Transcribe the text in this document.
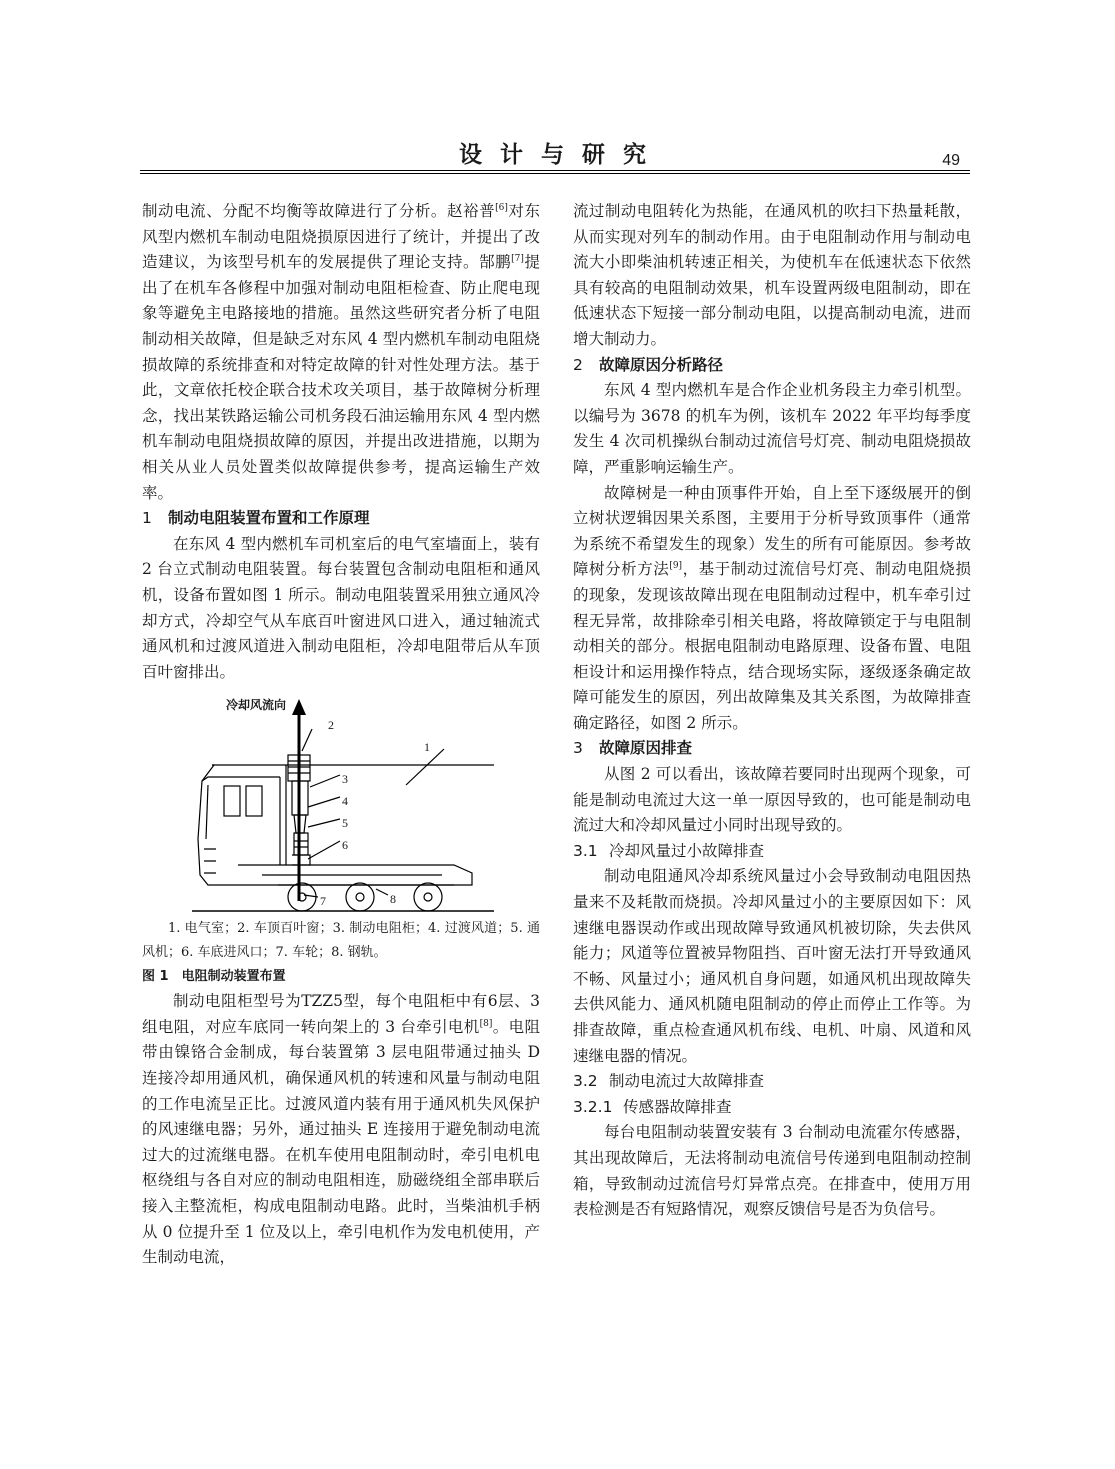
设 计 与 研 究	49

制动电流、分配不均衡等故障进行了分析。赵裕普[6]对东风型内燃机车制动电阻烧损原因进行了统计，并提出了改造建议，为该型号机车的发展提供了理论支持。郜鹏[7]提出了在机车各修程中加强对制动电阻柜检查、防止爬电现象等避免主电路接地的措施。虽然这些研究者分析了电阻制动相关故障，但是缺乏对东风 4 型内燃机车制动电阻烧损故障的系统排查和对特定故障的针对性处理方法。基于此，文章依托校企联合技术攻关项目，基于故障树分析理念，找出某铁路运输公司机务段石油运输用东风 4 型内燃机车制动电阻烧损故障的原因，并提出改进措施，以期为相关从业人员处置类似故障提供参考，提高运输生产效率。

1 制动电阻装置布置和工作原理

在东风 4 型内燃机车司机室后的电气室墙面上，装有 2 台立式制动电阻装置。每台装置包含制动电阻柜和通风机，设备布置如图 1 所示。制动电阻装置采用独立通风冷却方式，冷却空气从车底百叶窗进风口进入，通过轴流式通风机和过渡风道进入制动电阻柜，冷却电阻带后从车顶百叶窗排出。

冷却风流向
1
2
3
4
5
6
7	8

1. 电气室；2. 车顶百叶窗；3. 制动电阻柜；4. 过渡风道；5. 通风机；6. 车底进风口；7. 车轮；8. 钢轨。

图 1　电阻制动装置布置

制动电阻柜型号为TZZ5型，每个电阻柜中有6层、3 组电阻，对应车底同一转向架上的 3 台牵引电机[8]。电阻带由镍铬合金制成，每台装置第 3 层电阻带通过抽头 D 连接冷却用通风机，确保通风机的转速和风量与制动电阻的工作电流呈正比。过渡风道内装有用于通风机失风保护的风速继电器；另外，通过抽头 E 连接用于避免制动电流过大的过流继电器。在机车使用电阻制动时，牵引电机电枢绕组与各自对应的制动电阻相连，励磁绕组全部串联后接入主整流柜，构成电阻制动电路。此时，当柴油机手柄从 0 位提升至 1 位及以上，牵引电机作为发电机使用，产生制动电流，

流过制动电阻转化为热能，在通风机的吹扫下热量耗散，从而实现对列车的制动作用。由于电阻制动作用与制动电流大小即柴油机转速正相关，为使机车在低速状态下依然具有较高的电阻制动效果，机车设置两级电阻制动，即在低速状态下短接一部分制动电阻，以提高制动电流，进而增大制动力。

2 故障原因分析路径

东风 4 型内燃机车是合作企业机务段主力牵引机型。以编号为 3678 的机车为例，该机车 2022 年平均每季度发生 4 次司机操纵台制动过流信号灯亮、制动电阻烧损故障，严重影响运输生产。

故障树是一种由顶事件开始，自上至下逐级展开的倒立树状逻辑因果关系图，主要用于分析导致顶事件（通常为系统不希望发生的现象）发生的所有可能原因。参考故障树分析方法[9]，基于制动过流信号灯亮、制动电阻烧损的现象，发现该故障出现在电阻制动过程中，机车牵引过程无异常，故排除牵引相关电路，将故障锁定于与电阻制动相关的部分。根据电阻制动电路原理、设备布置、电阻柜设计和运用操作特点，结合现场实际，逐级逐条确定故障可能发生的原因，列出故障集及其关系图，为故障排查确定路径，如图 2 所示。

3 故障原因排查

从图 2 可以看出，该故障若要同时出现两个现象，可能是制动电流过大这一单一原因导致的，也可能是制动电流过大和冷却风量过小同时出现导致的。

3.1 冷却风量过小故障排查

制动电阻通风冷却系统风量过小会导致制动电阻因热量来不及耗散而烧损。冷却风量过小的主要原因如下：风速继电器误动作或出现故障导致通风机被切除，失去供风能力；风道等位置被异物阻挡、百叶窗无法打开导致通风不畅、风量过小；通风机自身问题，如通风机出现故障失去供风能力、通风机随电阻制动的停止而停止工作等。为排查故障，重点检查通风机布线、电机、叶扇、风道和风速继电器的情况。

3.2 制动电流过大故障排查
3.2.1 传感器故障排查

每台电阻制动装置安装有 3 台制动电流霍尔传感器，其出现故障后，无法将制动电流信号传递到电阻制动控制箱，导致制动过流信号灯异常点亮。在排查中，使用万用表检测是否有短路情况，观察反馈信号是否为负信号。
